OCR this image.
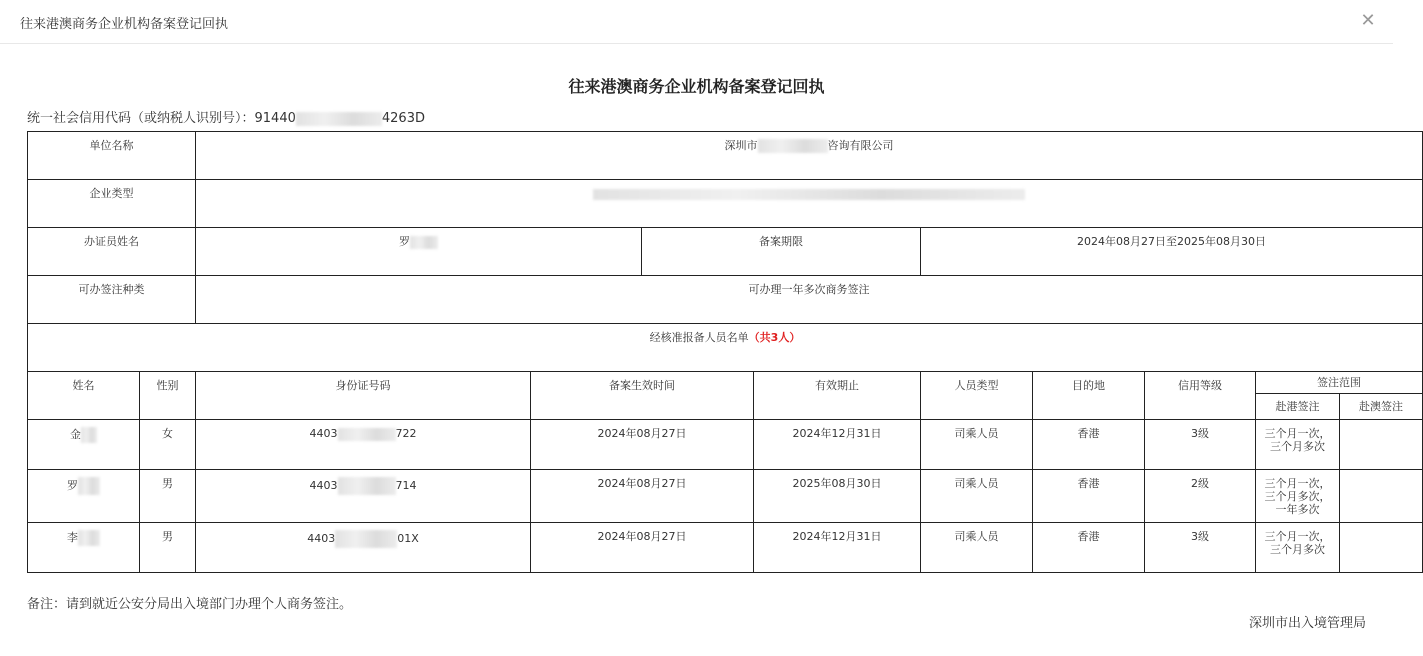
往来港澳商务企业机构备案登记回执	✕
往来港澳商务企业机构备案登记回执
统一社会信用代码（或纳税人识别号）：91440	4263D
单位名称		深圳市 咨询有限公司								
企业类型										
办证员姓名		罗		备案期限		2024年08月27日至2025年08月30日				
可办签注种类		可办理一年多次商务签注								
经核准报备人员名单（共3人）										
姓名	性别	身份证号码	备案生效时间		有效期止	人员类型	目的地	信用等级	签注范围	
									赴港签注	赴澳签注
金	女	4403 722	2024年08月27日		2024年12月31日	司乘人员	香港	3级	三个月一次，三个月多次	
罗	男	4403 714	2024年08月27日		2025年08月30日	司乘人员	香港	2级	三个月一次，三个月多次，一年多次	
李	男	4403 01X	2024年08月27日		2024年12月31日	司乘人员	香港	3级	三个月一次，三个月多次	
备注：请到就近公安分局出入境部门办理个人商务签注。
深圳市出入境管理局
